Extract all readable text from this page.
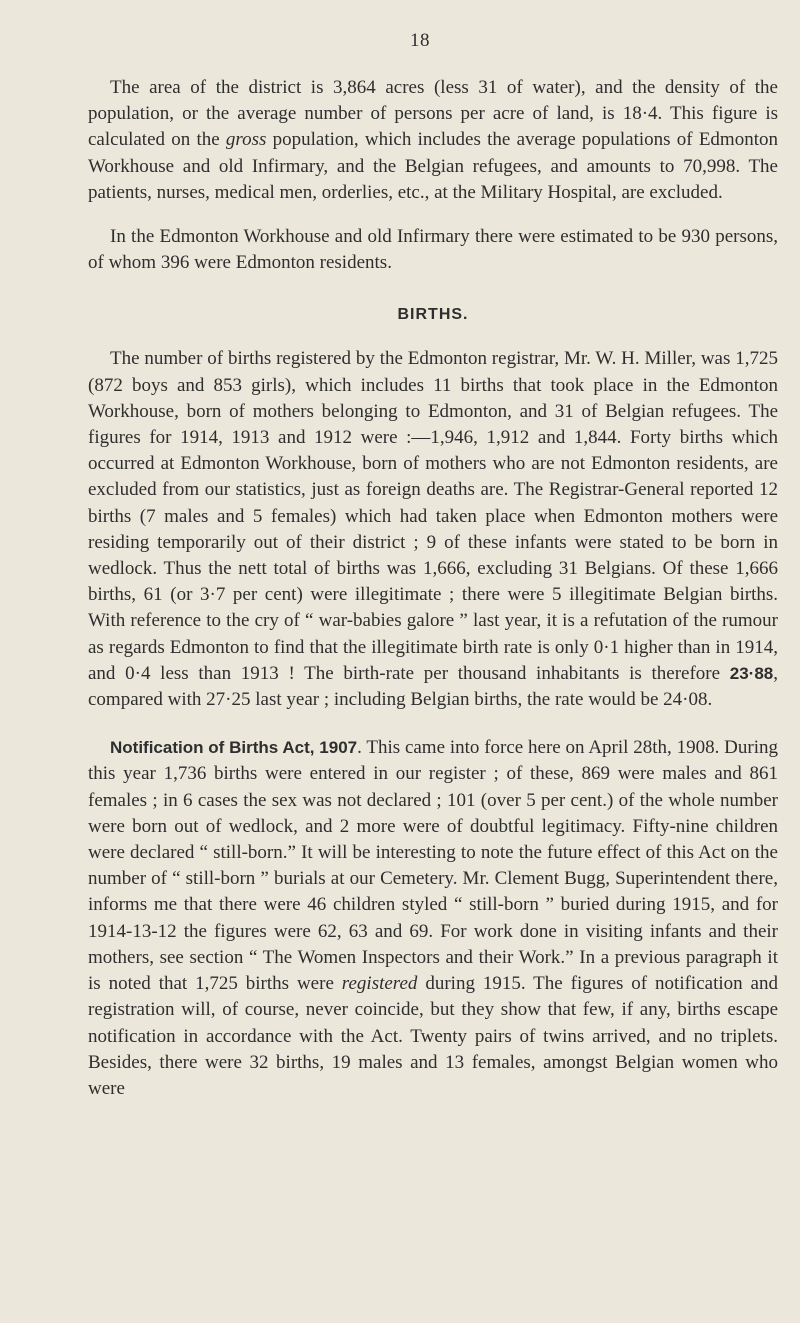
18

The area of the district is 3,864 acres (less 31 of water), and the density of the population, or the average number of persons per acre of land, is 18·4. This figure is calculated on the gross population, which includes the average populations of Edmonton Workhouse and old Infirmary, and the Belgian refugees, and amounts to 70,998. The patients, nurses, medical men, orderlies, etc., at the Military Hospital, are excluded.

In the Edmonton Workhouse and old Infirmary there were estimated to be 930 persons, of whom 396 were Edmonton residents.

BIRTHS.

The number of births registered by the Edmonton registrar, Mr. W. H. Miller, was 1,725 (872 boys and 853 girls), which includes 11 births that took place in the Edmonton Workhouse, born of mothers belonging to Edmonton, and 31 of Belgian refugees. The figures for 1914, 1913 and 1912 were :—1,946, 1,912 and 1,844. Forty births which occurred at Edmonton Workhouse, born of mothers who are not Edmonton residents, are excluded from our statistics, just as foreign deaths are. The Registrar-General reported 12 births (7 males and 5 females) which had taken place when Edmonton mothers were residing temporarily out of their district ; 9 of these infants were stated to be born in wedlock. Thus the nett total of births was 1,666, excluding 31 Belgians. Of these 1,666 births, 61 (or 3·7 per cent) were illegitimate ; there were 5 illegitimate Belgian births. With reference to the cry of “ war-babies galore ” last year, it is a refutation of the rumour as regards Edmonton to find that the illegitimate birth rate is only 0·1 higher than in 1914, and 0·4 less than 1913 ! The birth-rate per thousand inhabitants is therefore 23·88, compared with 27·25 last year ; including Belgian births, the rate would be 24·08.

Notification of Births Act, 1907. This came into force here on April 28th, 1908. During this year 1,736 births were entered in our register ; of these, 869 were males and 861 females ; in 6 cases the sex was not declared ; 101 (over 5 per cent.) of the whole number were born out of wedlock, and 2 more were of doubtful legitimacy. Fifty-nine children were declared “ still-born.” It will be interesting to note the future effect of this Act on the number of “ still-born ” burials at our Cemetery. Mr. Clement Bugg, Superintendent there, informs me that there were 46 children styled “ still-born ” buried during 1915, and for 1914-13-12 the figures were 62, 63 and 69. For work done in visiting infants and their mothers, see section “ The Women Inspectors and their Work.” In a previous paragraph it is noted that 1,725 births were registered during 1915. The figures of notification and registration will, of course, never coincide, but they show that few, if any, births escape notification in accordance with the Act. Twenty pairs of twins arrived, and no triplets. Besides, there were 32 births, 19 males and 13 females, amongst Belgian women who were
